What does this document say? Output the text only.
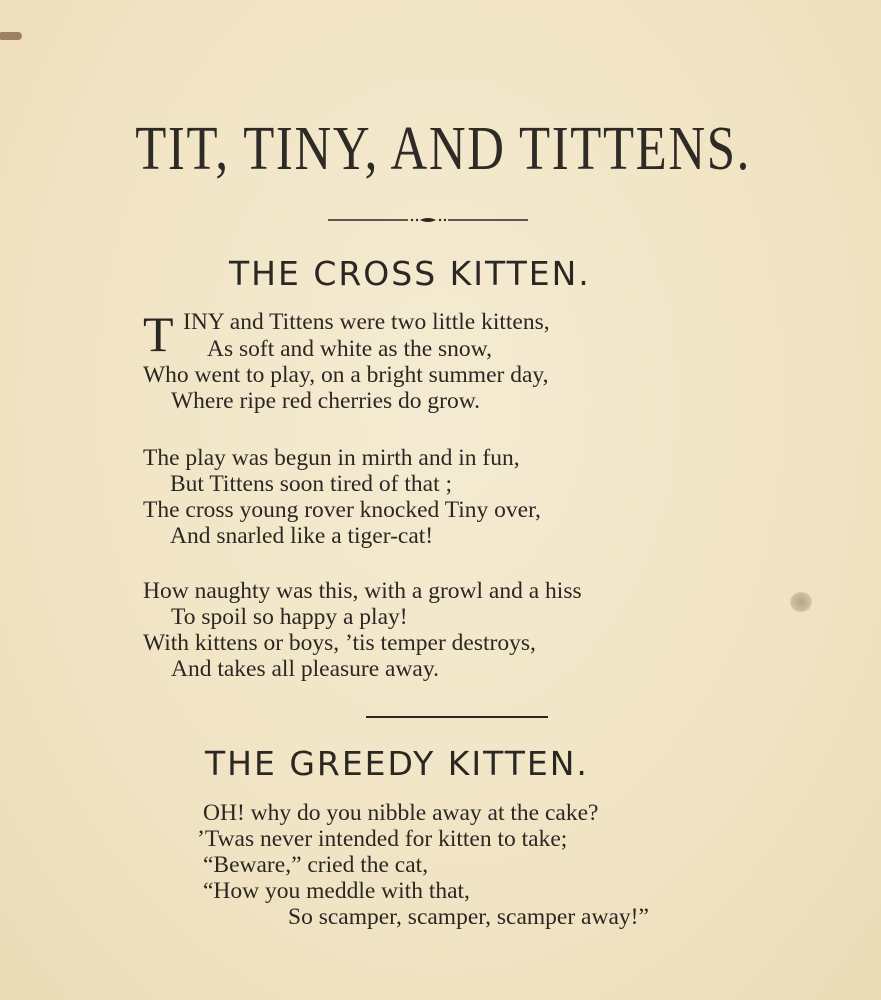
TIT, TINY, AND TITTENS.
THE CROSS KITTEN.
T INY and Tittens were two little kittens,
As soft and white as the snow,
Who went to play, on a bright summer day,
Where ripe red cherries do grow.
The play was begun in mirth and in fun,
But Tittens soon tired of that ;
The cross young rover knocked Tiny over,
And snarled like a tiger-cat!
How naughty was this, with a growl and a hiss
To spoil so happy a play!
With kittens or boys, ’tis temper destroys,
And takes all pleasure away.
THE GREEDY KITTEN.
OH! why do you nibble away at the cake?
’Twas never intended for kitten to take;
“Beware,” cried the cat,
“How you meddle with that,
So scamper, scamper, scamper away!”
